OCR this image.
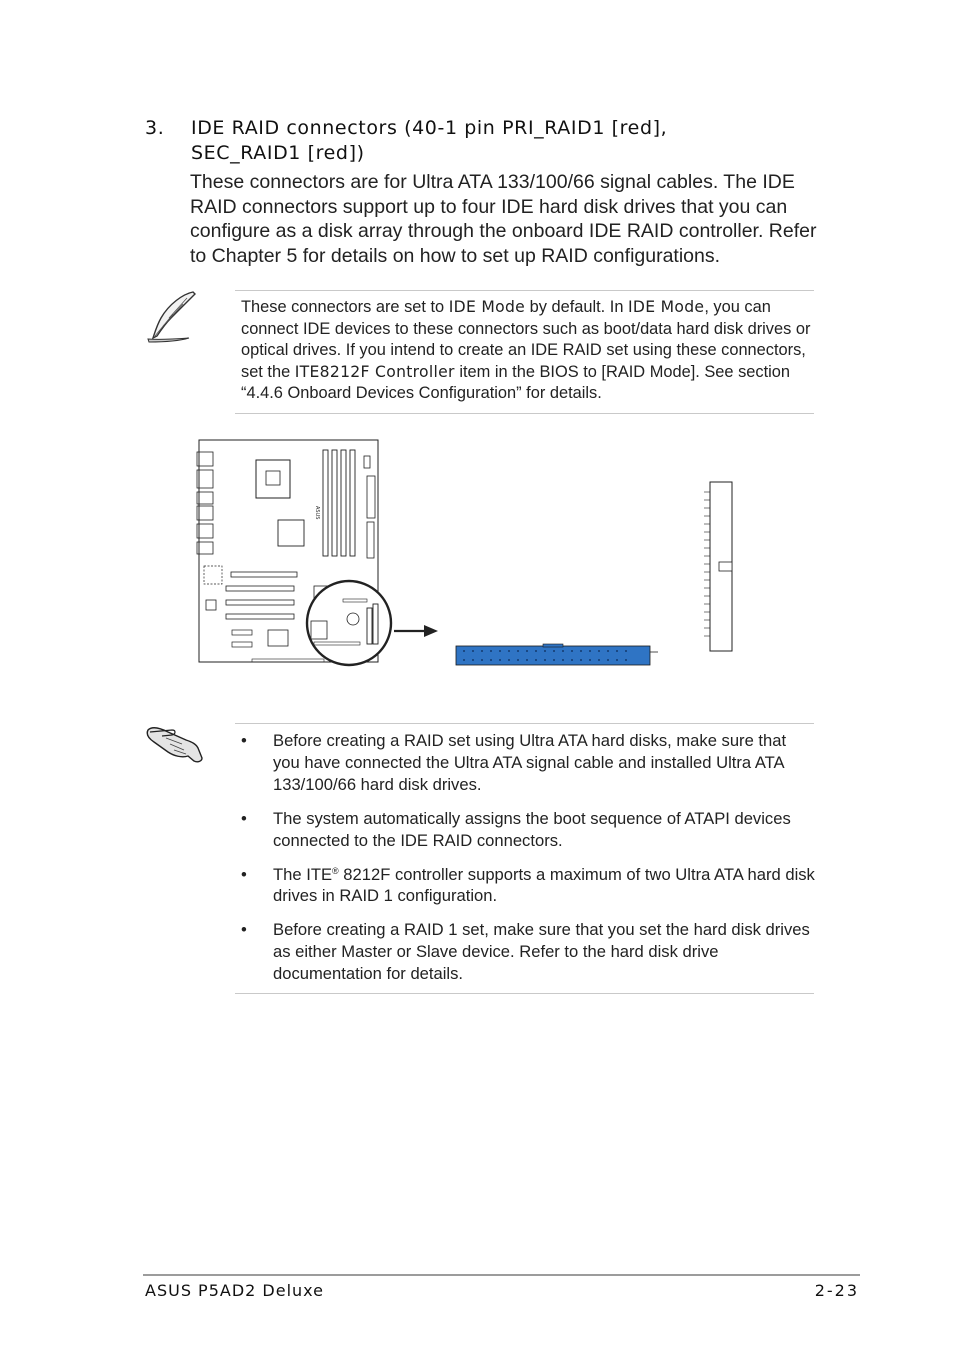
3. IDE RAID connectors (40-1 pin PRI_RAID1 [red],
SEC_RAID1 [red])
These connectors are for Ultra ATA 133/100/66 signal cables. The IDE RAID connectors support up to four IDE hard disk drives that you can configure as a disk array through the onboard IDE RAID controller. Refer to Chapter 5 for details on how to set up RAID configurations.
These connectors are set to IDE Mode by default. In IDE Mode, you can connect IDE devices to these connectors such as boot/data hard disk drives or optical drives. If you intend to create an IDE RAID set using these connectors, set the ITE8212F Controller item in the BIOS to [RAID Mode]. See section “4.4.6 Onboard Devices Configuration” for details.
ASUS
• Before creating a RAID set using Ultra ATA hard disks, make sure that you have connected the Ultra ATA signal cable and installed Ultra ATA 133/100/66 hard disk drives.
• The system automatically assigns the boot sequence of ATAPI devices connected to the IDE RAID connectors.
• The ITE® 8212F controller supports a maximum of two Ultra ATA hard disk drives in RAID 1 configuration.
• Before creating a RAID 1 set, make sure that you set the hard disk drives as either Master or Slave device. Refer to the hard disk drive documentation for details.
ASUS P5AD2 Deluxe	2-23
